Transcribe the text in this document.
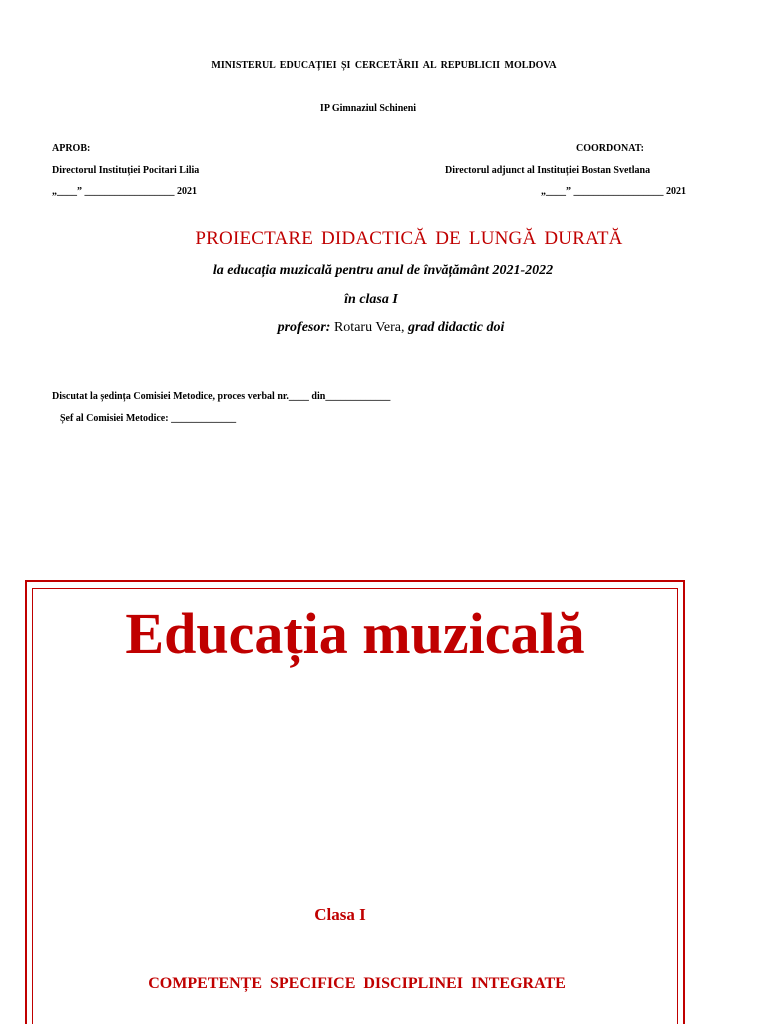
MINISTERUL EDUCAȚIEI ȘI CERCETĂRII AL REPUBLICII MOLDOVA
IP Gimnaziul Schineni
APROB:
Directorul Instituției Pocitari Lilia
„____” __________________ 2021
COORDONAT:
Directorul adjunct al Instituției Bostan Svetlana
„____” __________________ 2021
PROIECTARE DIDACTICĂ DE LUNGĂ DURATĂ
la educația muzicală pentru anul de învățământ 2021-2022
în clasa I
profesor: Rotaru Vera, grad didactic doi
Discutat la ședința Comisiei Metodice, proces verbal nr.____ din_____________
Șef al Comisiei Metodice: _____________
Educația muzicală
Clasa I
COMPETENȚE SPECIFICE DISCIPLINEI INTEGRATE
